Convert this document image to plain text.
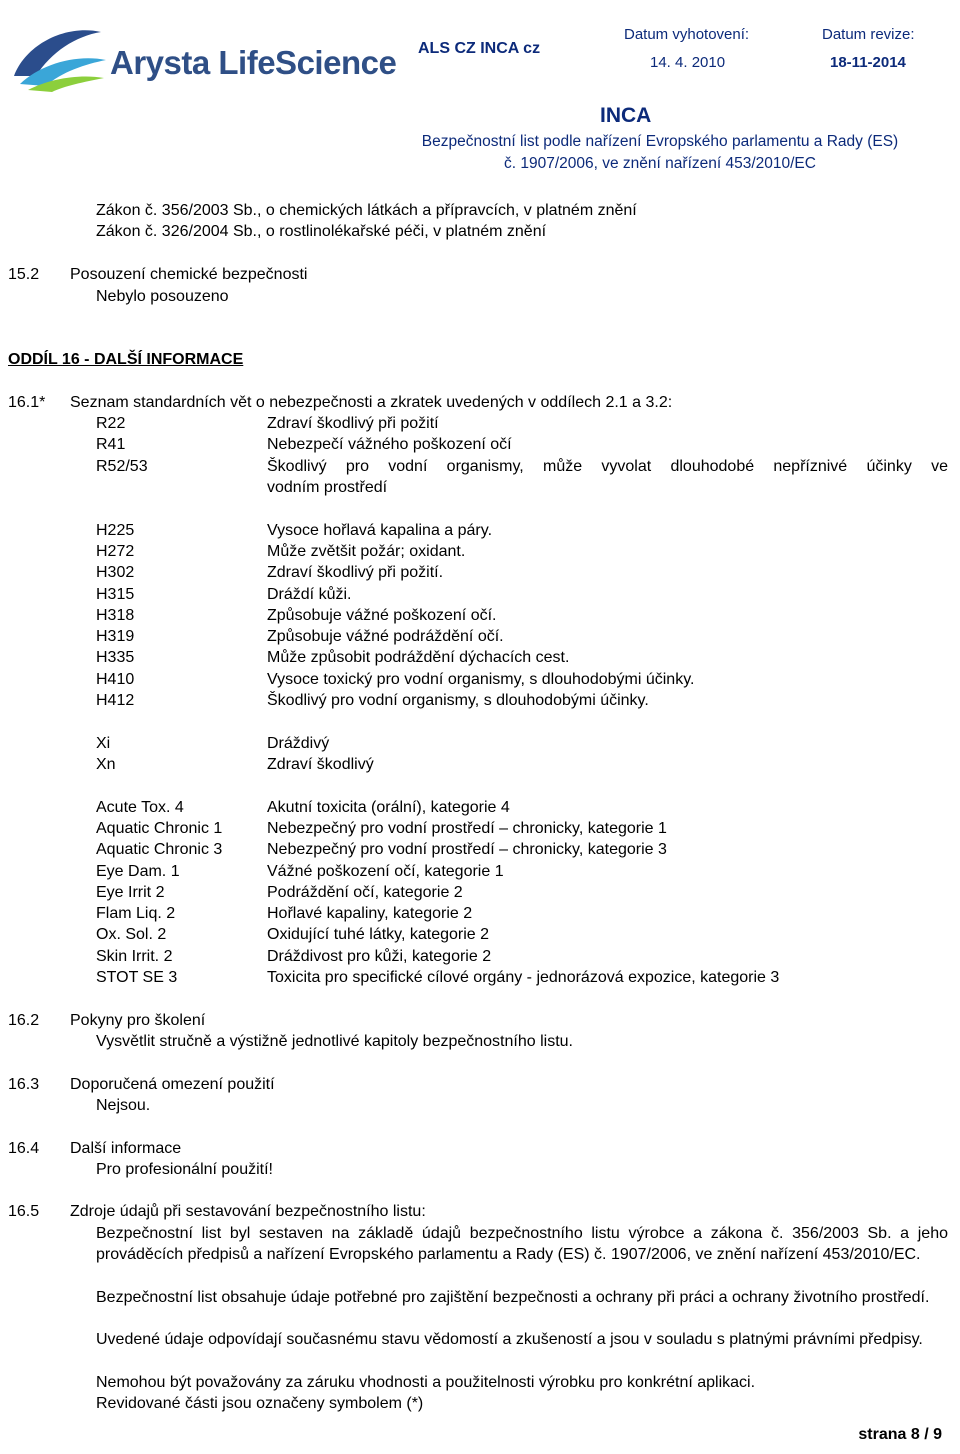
Arysta LifeScience ALS CZ INCA cz
Datum vyhotovení:
14. 4. 2010
Datum revize:
18-11-2014
INCA
Bezpečnostní list podle nařízení Evropského parlamentu a Rady (ES)
č. 1907/2006, ve znění nařízení 453/2010/EC
Zákon č. 356/2003 Sb., o chemických látkách a přípravcích, v platném znění
Zákon č. 326/2004 Sb., o rostlinolékařské péči, v platném znění
15.2 Posouzení chemické bezpečnosti
Nebylo posouzeno
ODDÍL 16 - DALŠÍ INFORMACE
16.1* Seznam standardních vět o nebezpečnosti a zkratek uvedených v oddílech 2.1 a 3.2:
R22	Zdraví škodlivý při požití
R41	Nebezpečí vážného poškození očí
R52/53	Škodlivý pro vodní organismy, může vyvolat dlouhodobé nepříznivé účinky ve
vodním prostředí
H225	Vysoce hořlavá kapalina a páry.
H272	Může zvětšit požár; oxidant.
H302	Zdraví škodlivý při požití.
H315	Dráždí kůži.
H318	Způsobuje vážné poškození očí.
H319	Způsobuje vážné podráždění očí.
H335	Může způsobit podráždění dýchacích cest.
H410	Vysoce toxický pro vodní organismy, s dlouhodobými účinky.
H412	Škodlivý pro vodní organismy, s dlouhodobými účinky.
Xi	Dráždivý
Xn	Zdraví škodlivý
Acute Tox. 4	Akutní toxicita (orální), kategorie 4
Aquatic Chronic 1	Nebezpečný pro vodní prostředí – chronicky, kategorie 1
Aquatic Chronic 3	Nebezpečný pro vodní prostředí – chronicky, kategorie 3
Eye Dam. 1	Vážné poškození očí, kategorie 1
Eye Irrit 2	Podráždění očí, kategorie 2
Flam Liq. 2	Hořlavé kapaliny, kategorie 2
Ox. Sol. 2	Oxidující tuhé látky, kategorie 2
Skin Irrit. 2	Dráždivost pro kůži, kategorie 2
STOT SE 3	Toxicita pro specifické cílové orgány - jednorázová expozice, kategorie 3
16.2 Pokyny pro školení
Vysvětlit stručně a výstižně jednotlivé kapitoly bezpečnostního listu.
16.3 Doporučená omezení použití
Nejsou.
16.4 Další informace
Pro profesionální použití!
16.5 Zdroje údajů při sestavování bezpečnostního listu:
Bezpečnostní list byl sestaven na základě údajů bezpečnostního listu výrobce a zákona č. 356/2003 Sb. a jeho prováděcích předpisů a nařízení Evropského parlamentu a Rady (ES) č. 1907/2006, ve znění nařízení 453/2010/EC.
Bezpečnostní list obsahuje údaje potřebné pro zajištění bezpečnosti a ochrany při práci a ochrany životního prostředí.
Uvedené údaje odpovídají současnému stavu vědomostí a zkušeností a jsou v souladu s platnými právními předpisy.
Nemohou být považovány za záruku vhodnosti a použitelnosti výrobku pro konkrétní aplikaci.
Revidované části jsou označeny symbolem (*)
strana 8 / 9
